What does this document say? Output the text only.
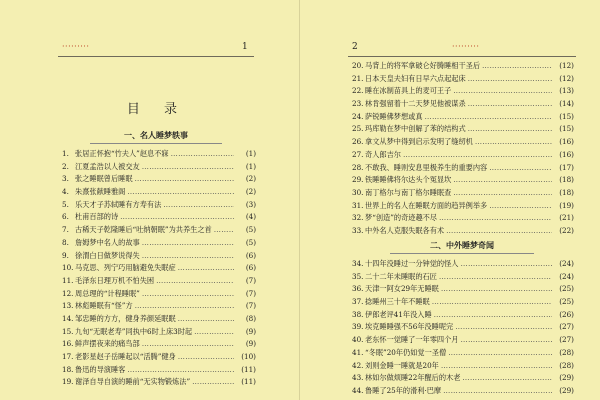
·········	1
目 录
一、名人睡梦轶事
1. 张居正怀抱“竹夫人”赵息不寐 ……………………………………………………………………………………………………	(1)
2. 江夏孟浩以人被交友 ……………………………………………………………………………………………………	(1)
3. 张之睡眠曾后睡眠 ……………………………………………………………………………………………………	(2)
4. 朱熹张献睡雅阁 ……………………………………………………………………………………………………	(2)
5. 乐天才子苏轼睡有方寿有法 ……………………………………………………………………………………………………	(3)
6. 杜甫百部的诗 ……………………………………………………………………………………………………	(4)
7. 古稀天子乾隆睡后“吐纳朝眠”为共养生之首 ……………………………………………………………………………………………………	(5)
8. 詹姆梦中名人的故事 ……………………………………………………………………………………………………	(5)
9. 徐渭白日做梦说得失 ……………………………………………………………………………………………………	(6)
10. 马克思、列宁巧用脑避免失眠症 ……………………………………………………………………………………………………	(6)
11. 毛泽东日理万机不怕失困 ……………………………………………………………………………………………………	(7)
12. 周总理的“计程睡眠” ……………………………………………………………………………………………………	(7)
13. 林彪睡眠有“怪”方 ……………………………………………………………………………………………………	(7)
14. 邹忠睡的方方，健身养颜延眠眠 ……………………………………………………………………………………………………	(8)
15. 九旬“无眠老寿”同执中6时上床3时起 ……………………………………………………………………………………………………	(9)
16. 鲜声摆夜来的痛鸟部 ……………………………………………………………………………………………………	(9)
17. 老影星赵子岳睡起以“活腾”健身 ……………………………………………………………………………………………………	(10)
18. 鲁迅的导演睡客 ……………………………………………………………………………………………………	(11)
19. 谢泽自导自演的睡前“无实物锻炼法” ……………………………………………………………………………………………………	(11)
2	·········
20. 马背上的将军拿破仑好腾睡相干圣后 ……………………………………………………………………………………………………	(12)
21. 日本天皇夫妇有日早六点起起床 ……………………………………………………………………………………………………	(12)
22. 睡在冰制苗具上的麦可王子 ……………………………………………………………………………………………………	(13)
23. 林肯强留着十二天梦见他被谋杀 ……………………………………………………………………………………………………	(14)
24. 萨锐睡佛梦想或真 ……………………………………………………………………………………………………	(15)
25. 玛库勒在梦中创解了苯的结构式 ……………………………………………………………………………………………………	(15)
26. 拿文从梦中得到启示发明了缝纫机 ……………………………………………………………………………………………………	(16)
27. 奇人郎吉尔 ……………………………………………………………………………………………………	(16)
28. 不敢我、睡则安息里极养生的重要内容 ……………………………………………………………………………………………………	(17)
29. 铁睡睡佛将尔达头个冤显坎 ……………………………………………………………………………………………………	(18)
30. 南丁格尔与南丁格尔睡眠查 ……………………………………………………………………………………………………	(18)
31. 世界上的名人在睡眠方面的趋异例举多 ……………………………………………………………………………………………………	(19)
32. 梦“创造”的奇迹趣不尽 ……………………………………………………………………………………………………	(21)
33. 中外名人克服失眠各有术 ……………………………………………………………………………………………………	(22)
二、中外睡梦奇闻
34. 十四年没睡过一分钟觉的怪人 ……………………………………………………………………………………………………	(24)
35. 二十二年未睡眠的石匠 ……………………………………………………………………………………………………	(24)
36. 天津一阿女29年无睡眠 ……………………………………………………………………………………………………	(25)
37. 捻睡州三十年不睡眠 ……………………………………………………………………………………………………	(25)
38. 伊郎老评41年没入睡 ……………………………………………………………………………………………………	(26)
39. 埃克睡睡强不56年没睡呢完 ……………………………………………………………………………………………………	(27)
40. 老东怀一觉睡了一年零四个月 ……………………………………………………………………………………………………	(27)
41. “冬眠”20年仍如觉一圣僧 ……………………………………………………………………………………………………	(28)
42. 刘则金睡一睡就是20年 ……………………………………………………………………………………………………	(28)
43. 林如尔做烦睡22年醒后的木老 ……………………………………………………………………………………………………	(29)
44. 鲁睡了25年的滑利·巴摩 ……………………………………………………………………………………………………	(29)
